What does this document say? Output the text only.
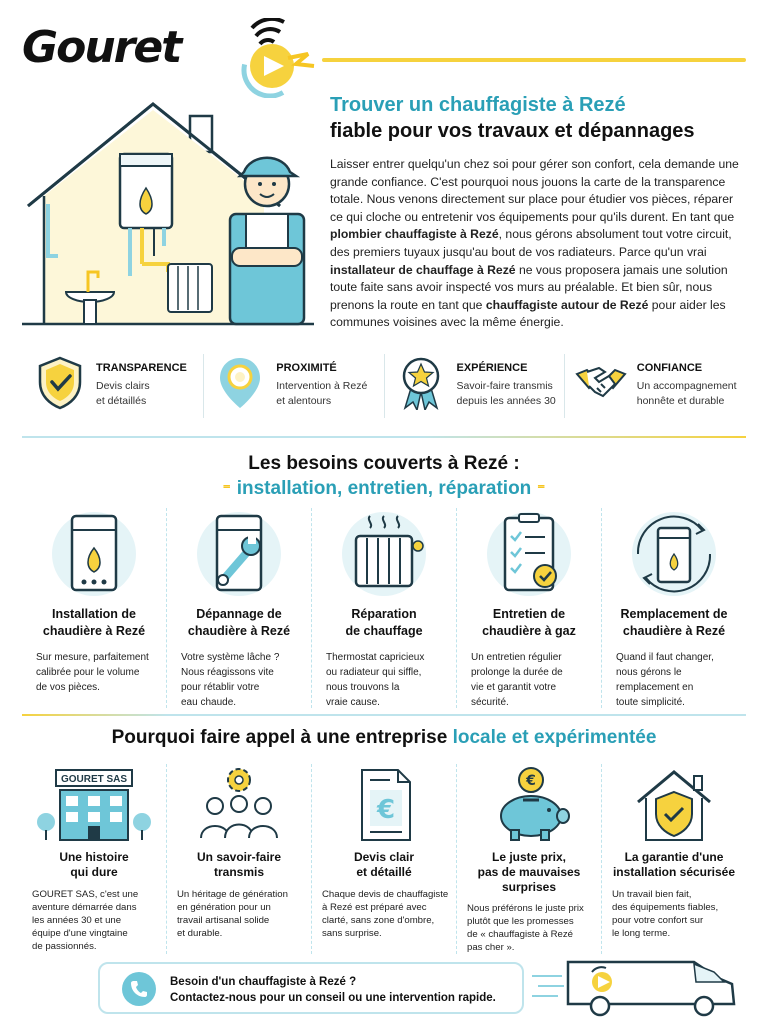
Gouret
Trouver un chauffagiste à Rezé
fiable pour vos travaux et dépannages
Laisser entrer quelqu'un chez soi pour gérer son confort, cela demande une grande confiance. C'est pourquoi nous jouons la carte de la transparence totale. Nous venons directement sur place pour étudier vos pièces, réparer ce qui cloche ou entretenir vos équipements pour qu'ils durent. En tant que plombier chauffagiste à Rezé, nous gérons absolument tout votre circuit, des premiers tuyaux jusqu'au bout de vos radiateurs. Parce qu'un vrai installateur de chauffage à Rezé ne vous proposera jamais une solution toute faite sans avoir inspecté vos murs au préalable. Et bien sûr, nous prenons la route en tant que chauffagiste autour de Rezé pour aider les communes voisines avec la même énergie.
TRANSPARENCE
Devis clairs
et détaillés
PROXIMITÉ
Intervention à Rezé
et alentours
EXPÉRIENCE
Savoir-faire transmis
depuis les années 30
CONFIANCE
Un accompagnement
honnête et durable
Les besoins couverts à Rezé :
⁼ installation, entretien, réparation ⁼
Installation de
chaudière à Rezé
Sur mesure, parfaitement
calibrée pour le volume
de vos pièces.
Dépannage de
chaudière à Rezé
Votre système lâche ?
Nous réagissons vite
pour rétablir votre
eau chaude.
Réparation
de chauffage
Thermostat capricieux
ou radiateur qui siffle,
nous trouvons la
vraie cause.
Entretien de
chaudière à gaz
Un entretien régulier
prolonge la durée de
vie et garantit votre
sécurité.
Remplacement de
chaudière à Rezé
Quand il faut changer,
nous gérons le
remplacement en
toute simplicité.
Pourquoi faire appel à une entreprise locale et expérimentée
GOURET SAS
Une histoire
qui dure
GOURET SAS, c'est une
aventure démarrée dans
les années 30 et une
équipe d'une vingtaine
de passionnés.
Un savoir-faire
transmis
Un héritage de génération
en génération pour un
travail artisanal solide
et durable.
€
Devis clair
et détaillé
Chaque devis de chauffagiste
à Rezé est préparé avec
clarté, sans zone d'ombre,
sans surprise.
€
Le juste prix,
pas de mauvaises
surprises
Nous préférons le juste prix
plutôt que les promesses
de « chauffagiste à Rezé
pas cher ».
La garantie d'une
installation sécurisée
Un travail bien fait,
des équipements fiables,
pour votre confort sur
le long terme.
Besoin d'un chauffagiste à Rezé ?
Contactez-nous pour un conseil ou une intervention rapide.
